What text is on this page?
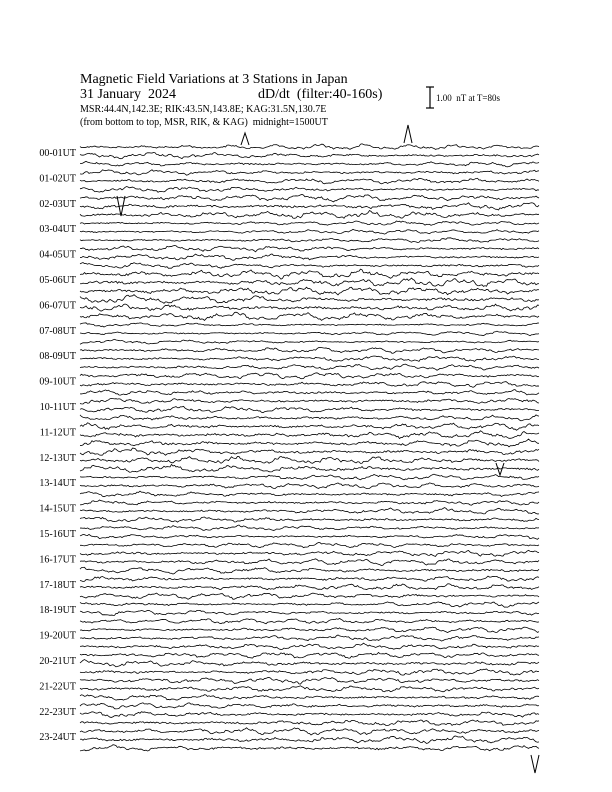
Magnetic Field Variations at 3 Stations in Japan
31 January  2024	dD/dt  (filter:40-160s)
MSR:44.4N,142.3E; RIK:43.5N,143.8E; KAG:31.5N,130.7E
(from bottom to top, MSR, RIK, & KAG)  midnight=1500UT
1.00  nT at T=80s
00-01UT
01-02UT
02-03UT
03-04UT
04-05UT
05-06UT
06-07UT
07-08UT
08-09UT
09-10UT
10-11UT
11-12UT
12-13UT
13-14UT
14-15UT
15-16UT
16-17UT
17-18UT
18-19UT
19-20UT
20-21UT
21-22UT
22-23UT
23-24UT
